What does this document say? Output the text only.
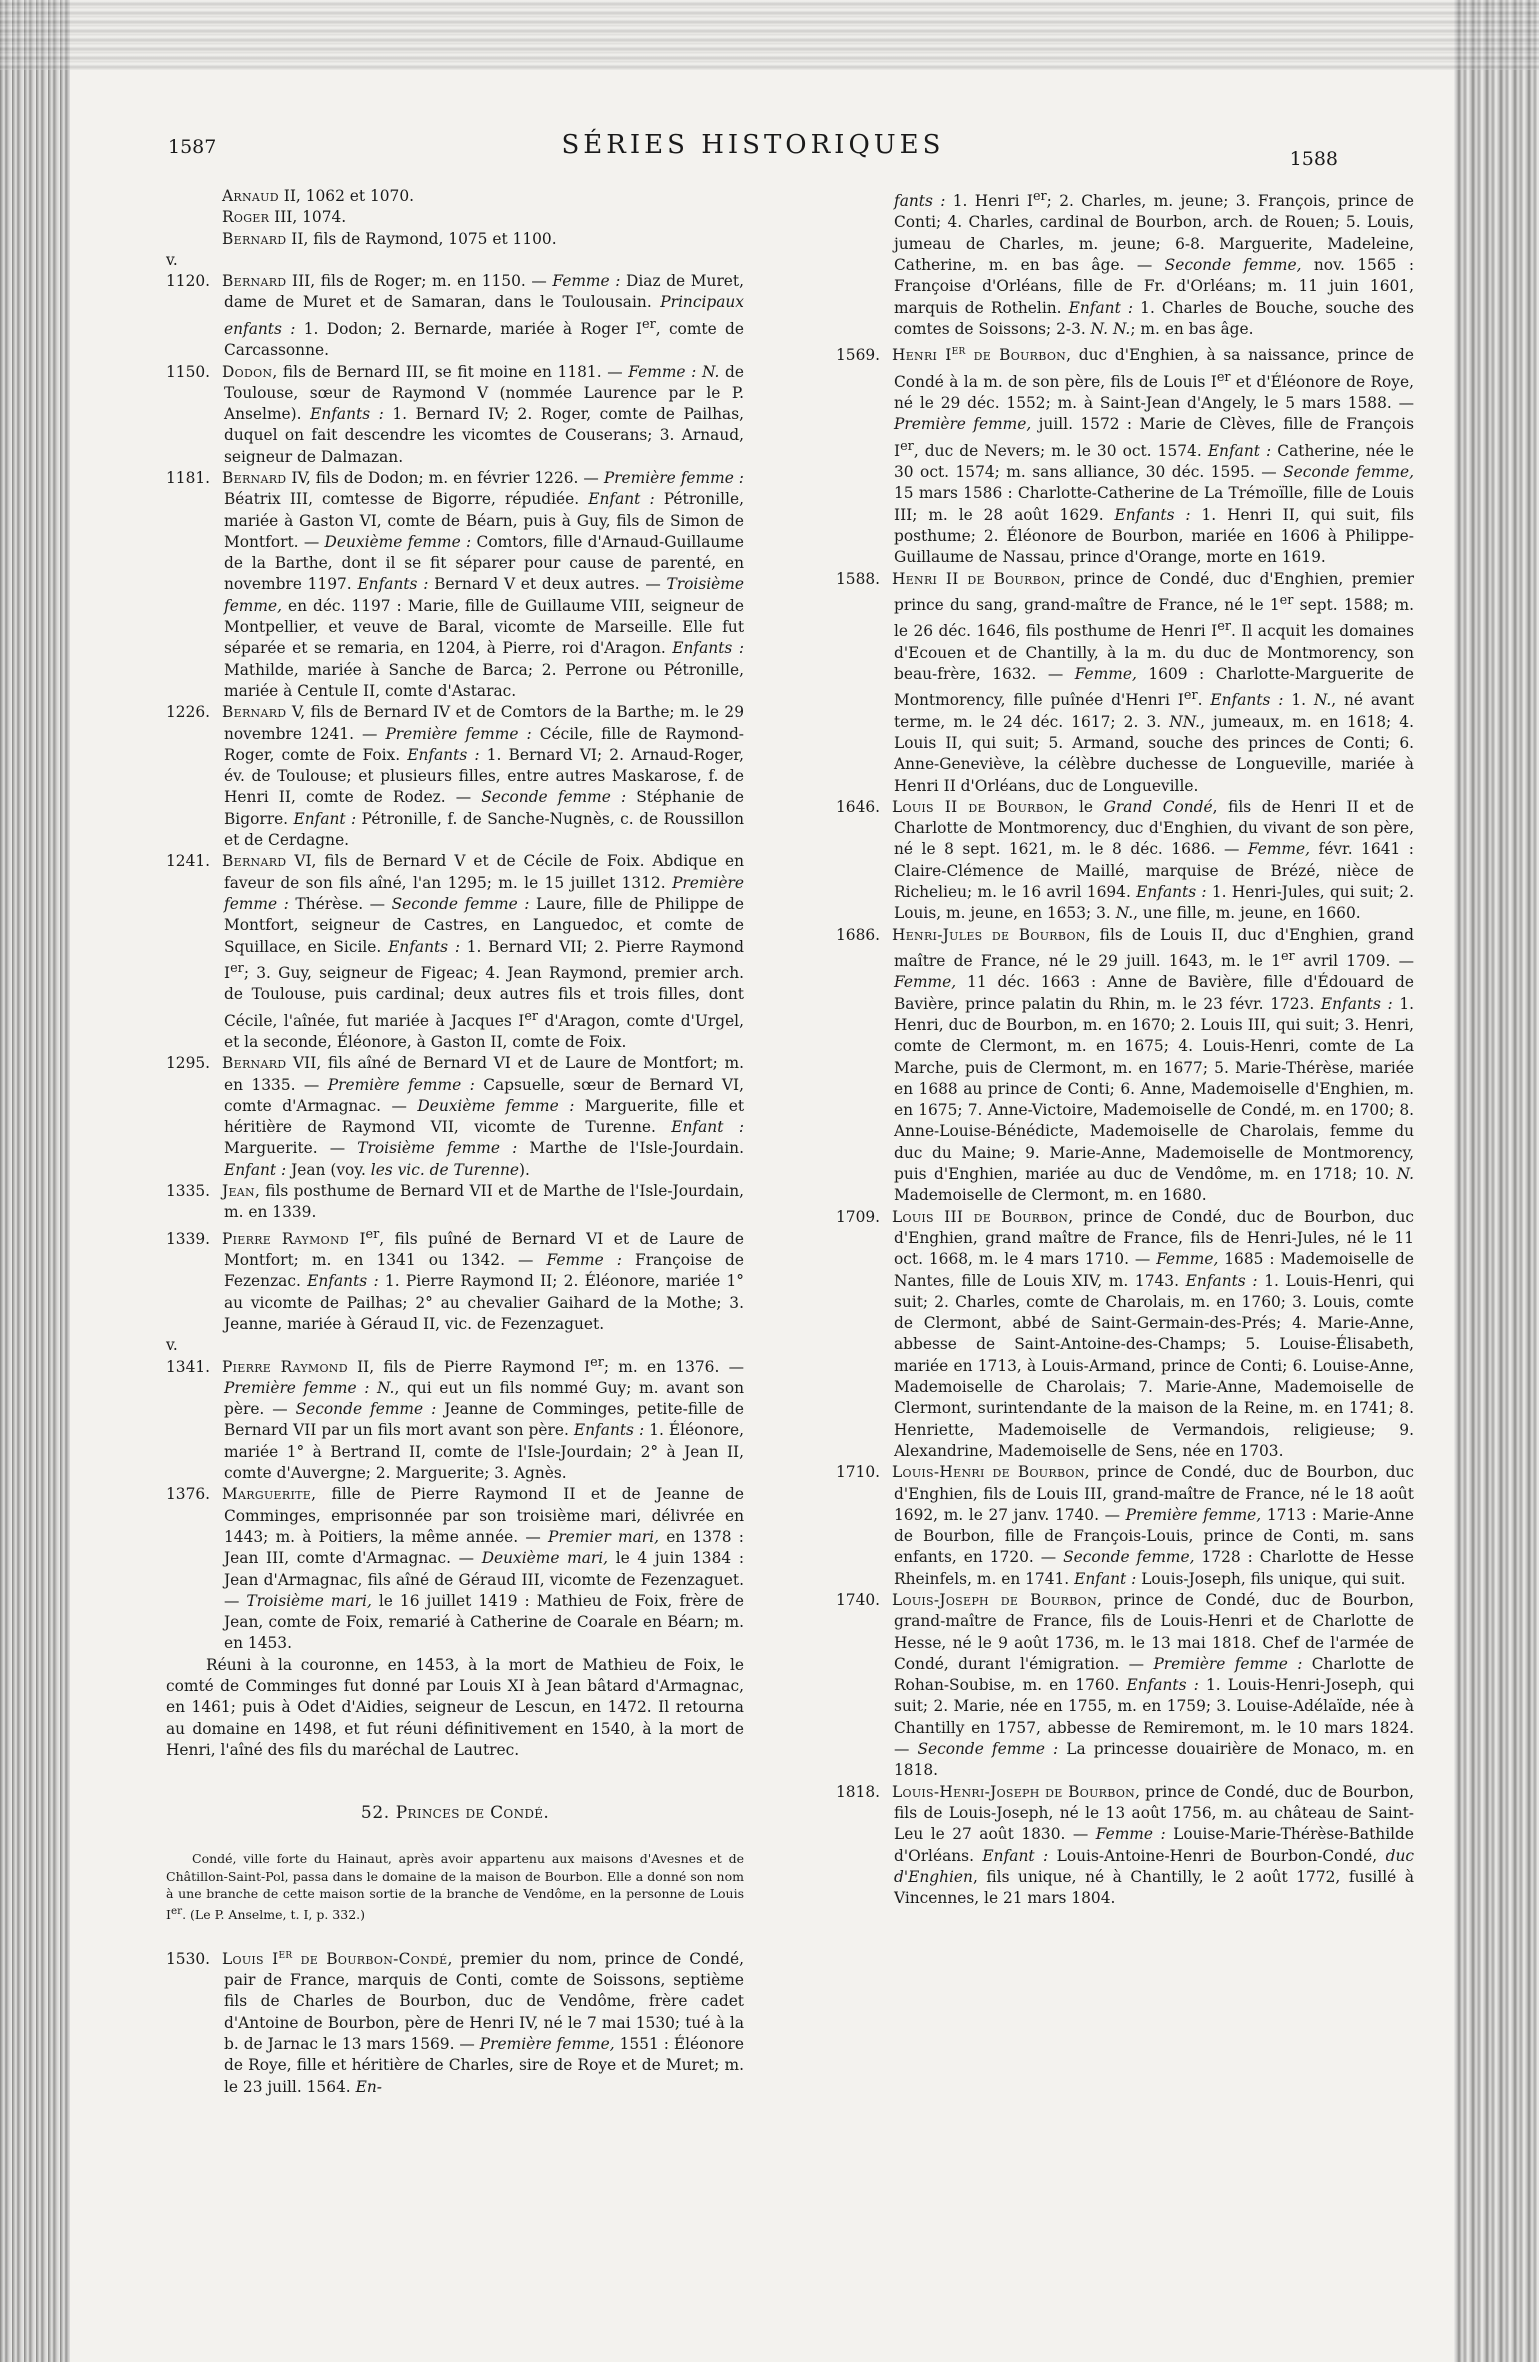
1587	SÉRIES HISTORIQUES	1588

Arnaud II, 1062 et 1070.

Roger III, 1074.

Bernard II, fils de Raymond, 1075 et 1100.

v. 1120. Bernard III, fils de Roger; m. en 1150. — Femme : Diaz de Muret, dame de Muret et de Samaran, dans le Toulousain. Principaux enfants : 1. Dodon; 2. Bernarde, mariée à Roger Ier, comte de Carcassonne.

1150. Dodon, fils de Bernard III, se fit moine en 1181. — Femme : N. de Toulouse, sœur de Raymond V (nommée Laurence par le P. Anselme). Enfants : 1. Bernard IV; 2. Roger, comte de Pailhas, duquel on fait descendre les vicomtes de Couserans; 3. Arnaud, seigneur de Dalmazan.

1181. Bernard IV, fils de Dodon; m. en février 1226. — Première femme : Béatrix III, comtesse de Bigorre, répudiée. Enfant : Pétronille, mariée à Gaston VI, comte de Béarn, puis à Guy, fils de Simon de Montfort. — Deuxième femme : Comtors, fille d'Arnaud-Guillaume de la Barthe, dont il se fit séparer pour cause de parenté, en novembre 1197. Enfants : Bernard V et deux autres. — Troisième femme, en déc. 1197 : Marie, fille de Guillaume VIII, seigneur de Montpellier, et veuve de Baral, vicomte de Marseille. Elle fut séparée et se remaria, en 1204, à Pierre, roi d'Aragon. Enfants : Mathilde, mariée à Sanche de Barca; 2. Perrone ou Pétronille, mariée à Centule II, comte d'Astarac.

1226. Bernard V, fils de Bernard IV et de Comtors de la Barthe; m. le 29 novembre 1241. — Première femme : Cécile, fille de Raymond-Roger, comte de Foix. Enfants : 1. Bernard VI; 2. Arnaud-Roger, év. de Toulouse; et plusieurs filles, entre autres Maskarose, f. de Henri II, comte de Rodez. — Seconde femme : Stéphanie de Bigorre. Enfant : Pétronille, f. de Sanche-Nugnès, c. de Roussillon et de Cerdagne.

1241. Bernard VI, fils de Bernard V et de Cécile de Foix. Abdique en faveur de son fils aîné, l'an 1295; m. le 15 juillet 1312. Première femme : Thérèse. — Seconde femme : Laure, fille de Philippe de Montfort, seigneur de Castres, en Languedoc, et comte de Squillace, en Sicile. Enfants : 1. Bernard VII; 2. Pierre Raymond Ier; 3. Guy, seigneur de Figeac; 4. Jean Raymond, premier arch. de Toulouse, puis cardinal; deux autres fils et trois filles, dont Cécile, l'aînée, fut mariée à Jacques Ier d'Aragon, comte d'Urgel, et la seconde, Éléonore, à Gaston II, comte de Foix.

1295. Bernard VII, fils aîné de Bernard VI et de Laure de Montfort; m. en 1335. — Première femme : Capsuelle, sœur de Bernard VI, comte d'Armagnac. — Deuxième femme : Marguerite, fille et héritière de Raymond VII, vicomte de Turenne. Enfant : Marguerite. — Troisième femme : Marthe de l'Isle-Jourdain. Enfant : Jean (voy. les vic. de Turenne).

1335. Jean, fils posthume de Bernard VII et de Marthe de l'Isle-Jourdain, m. en 1339.

1339. Pierre Raymond Ier, fils puîné de Bernard VI et de Laure de Montfort; m. en 1341 ou 1342. — Femme : Françoise de Fezenzac. Enfants : 1. Pierre Raymond II; 2. Éléonore, mariée 1° au vicomte de Pailhas; 2° au chevalier Gaihard de la Mothe; 3. Jeanne, mariée à Géraud II, vic. de Fezenzaguet.

v. 1341. Pierre Raymond II, fils de Pierre Raymond Ier; m. en 1376. — Première femme : N., qui eut un fils nommé Guy; m. avant son père. — Seconde femme : Jeanne de Comminges, petite-fille de Bernard VII par un fils mort avant son père. Enfants : 1. Éléonore, mariée 1° à Bertrand II, comte de l'Isle-Jourdain; 2° à Jean II, comte d'Auvergne; 2. Marguerite; 3. Agnès.

1376. Marguerite, fille de Pierre Raymond II et de Jeanne de Comminges, emprisonnée par son troisième mari, délivrée en 1443; m. à Poitiers, la même année. — Premier mari, en 1378 : Jean III, comte d'Armagnac. — Deuxième mari, le 4 juin 1384 : Jean d'Armagnac, fils aîné de Géraud III, vicomte de Fezenzaguet. — Troisième mari, le 16 juillet 1419 : Mathieu de Foix, frère de Jean, comte de Foix, remarié à Catherine de Coarale en Béarn; m. en 1453.

Réuni à la couronne, en 1453, à la mort de Mathieu de Foix, le comté de Comminges fut donné par Louis XI à Jean bâtard d'Armagnac, en 1461; puis à Odet d'Aidies, seigneur de Lescun, en 1472. Il retourna au domaine en 1498, et fut réuni définitivement en 1540, à la mort de Henri, l'aîné des fils du maréchal de Lautrec.

52. Princes de Condé.

Condé, ville forte du Hainaut, après avoir appartenu aux maisons d'Avesnes et de Châtillon-Saint-Pol, passa dans le domaine de la maison de Bourbon. Elle a donné son nom à une branche de cette maison sortie de la branche de Vendôme, en la personne de Louis Ier. (Le P. Anselme, t. I, p. 332.)

1530. Louis Ier de Bourbon-Condé, premier du nom, prince de Condé, pair de France, marquis de Conti, comte de Soissons, septième fils de Charles de Bourbon, duc de Vendôme, frère cadet d'Antoine de Bourbon, père de Henri IV, né le 7 mai 1530; tué à la b. de Jarnac le 13 mars 1569. — Première femme, 1551 : Éléonore de Roye, fille et héritière de Charles, sire de Roye et de Muret; m. le 23 juill. 1564. En-

fants : 1. Henri Ier; 2. Charles, m. jeune; 3. François, prince de Conti; 4. Charles, cardinal de Bourbon, arch. de Rouen; 5. Louis, jumeau de Charles, m. jeune; 6-8. Marguerite, Madeleine, Catherine, m. en bas âge. — Seconde femme, nov. 1565 : Françoise d'Orléans, fille de Fr. d'Orléans; m. 11 juin 1601, marquis de Rothelin. Enfant : 1. Charles de Bouche, souche des comtes de Soissons; 2-3. N. N.; m. en bas âge.

1569. Henri Ier de Bourbon, duc d'Enghien, à sa naissance, prince de Condé à la m. de son père, fils de Louis Ier et d'Éléonore de Roye, né le 29 déc. 1552; m. à Saint-Jean d'Angely, le 5 mars 1588. — Première femme, juill. 1572 : Marie de Clèves, fille de François Ier, duc de Nevers; m. le 30 oct. 1574. Enfant : Catherine, née le 30 oct. 1574; m. sans alliance, 30 déc. 1595. — Seconde femme, 15 mars 1586 : Charlotte-Catherine de La Trémoïlle, fille de Louis III; m. le 28 août 1629. Enfants : 1. Henri II, qui suit, fils posthume; 2. Éléonore de Bourbon, mariée en 1606 à Philippe-Guillaume de Nassau, prince d'Orange, morte en 1619.

1588. Henri II de Bourbon, prince de Condé, duc d'Enghien, premier prince du sang, grand-maître de France, né le 1er sept. 1588; m. le 26 déc. 1646, fils posthume de Henri Ier. Il acquit les domaines d'Ecouen et de Chantilly, à la m. du duc de Montmorency, son beau-frère, 1632. — Femme, 1609 : Charlotte-Marguerite de Montmorency, fille puînée d'Henri Ier. Enfants : 1. N., né avant terme, m. le 24 déc. 1617; 2. 3. NN., jumeaux, m. en 1618; 4. Louis II, qui suit; 5. Armand, souche des princes de Conti; 6. Anne-Geneviève, la célèbre duchesse de Longueville, mariée à Henri II d'Orléans, duc de Longueville.

1646. Louis II de Bourbon, le Grand Condé, fils de Henri II et de Charlotte de Montmorency, duc d'Enghien, du vivant de son père, né le 8 sept. 1621, m. le 8 déc. 1686. — Femme, févr. 1641 : Claire-Clémence de Maillé, marquise de Brézé, nièce de Richelieu; m. le 16 avril 1694. Enfants : 1. Henri-Jules, qui suit; 2. Louis, m. jeune, en 1653; 3. N., une fille, m. jeune, en 1660.

1686. Henri-Jules de Bourbon, fils de Louis II, duc d'Enghien, grand maître de France, né le 29 juill. 1643, m. le 1er avril 1709. — Femme, 11 déc. 1663 : Anne de Bavière, fille d'Édouard de Bavière, prince palatin du Rhin, m. le 23 févr. 1723. Enfants : 1. Henri, duc de Bourbon, m. en 1670; 2. Louis III, qui suit; 3. Henri, comte de Clermont, m. en 1675; 4. Louis-Henri, comte de La Marche, puis de Clermont, m. en 1677; 5. Marie-Thérèse, mariée en 1688 au prince de Conti; 6. Anne, Mademoiselle d'Enghien, m. en 1675; 7. Anne-Victoire, Mademoiselle de Condé, m. en 1700; 8. Anne-Louise-Bénédicte, Mademoiselle de Charolais, femme du duc du Maine; 9. Marie-Anne, Mademoiselle de Montmorency, puis d'Enghien, mariée au duc de Vendôme, m. en 1718; 10. N. Mademoiselle de Clermont, m. en 1680.

1709. Louis III de Bourbon, prince de Condé, duc de Bourbon, duc d'Enghien, grand maître de France, fils de Henri-Jules, né le 11 oct. 1668, m. le 4 mars 1710. — Femme, 1685 : Mademoiselle de Nantes, fille de Louis XIV, m. 1743. Enfants : 1. Louis-Henri, qui suit; 2. Charles, comte de Charolais, m. en 1760; 3. Louis, comte de Clermont, abbé de Saint-Germain-des-Prés; 4. Marie-Anne, abbesse de Saint-Antoine-des-Champs; 5. Louise-Élisabeth, mariée en 1713, à Louis-Armand, prince de Conti; 6. Louise-Anne, Mademoiselle de Charolais; 7. Marie-Anne, Mademoiselle de Clermont, surintendante de la maison de la Reine, m. en 1741; 8. Henriette, Mademoiselle de Vermandois, religieuse; 9. Alexandrine, Mademoiselle de Sens, née en 1703.

1710. Louis-Henri de Bourbon, prince de Condé, duc de Bourbon, duc d'Enghien, fils de Louis III, grand-maître de France, né le 18 août 1692, m. le 27 janv. 1740. — Première femme, 1713 : Marie-Anne de Bourbon, fille de François-Louis, prince de Conti, m. sans enfants, en 1720. — Seconde femme, 1728 : Charlotte de Hesse Rheinfels, m. en 1741. Enfant : Louis-Joseph, fils unique, qui suit.

1740. Louis-Joseph de Bourbon, prince de Condé, duc de Bourbon, grand-maître de France, fils de Louis-Henri et de Charlotte de Hesse, né le 9 août 1736, m. le 13 mai 1818. Chef de l'armée de Condé, durant l'émigration. — Première femme : Charlotte de Rohan-Soubise, m. en 1760. Enfants : 1. Louis-Henri-Joseph, qui suit; 2. Marie, née en 1755, m. en 1759; 3. Louise-Adélaïde, née à Chantilly en 1757, abbesse de Remiremont, m. le 10 mars 1824. — Seconde femme : La princesse douairière de Monaco, m. en 1818.

1818. Louis-Henri-Joseph de Bourbon, prince de Condé, duc de Bourbon, fils de Louis-Joseph, né le 13 août 1756, m. au château de Saint-Leu le 27 août 1830. — Femme : Louise-Marie-Thérèse-Bathilde d'Orléans. Enfant : Louis-Antoine-Henri de Bourbon-Condé, duc d'Enghien, fils unique, né à Chantilly, le 2 août 1772, fusillé à Vincennes, le 21 mars 1804.
